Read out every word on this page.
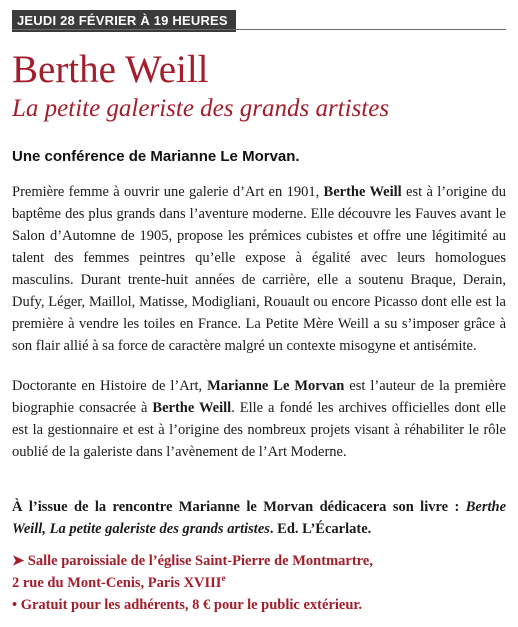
JEUDI 28 FÉVRIER À 19 HEURES
Berthe Weill
La petite galeriste des grands artistes
Une conférence de Marianne Le Morvan.
Première femme à ouvrir une galerie d’Art en 1901, Berthe Weill est à l’origine du baptême des plus grands dans l’aventure moderne. Elle découvre les Fauves avant le Salon d’Automne de 1905, propose les prémices cubistes et offre une légitimité au talent des femmes peintres qu’elle expose à égalité avec leurs homologues masculins. Durant trente-huit années de carrière, elle a soutenu Braque, Derain, Dufy, Léger, Maillol, Matisse, Modigliani, Rouault ou encore Picasso dont elle est la première à vendre les toiles en France. La Petite Mère Weill a su s’imposer grâce à son flair allié à sa force de caractère malgré un contexte misogyne et antisémite.
Doctorante en Histoire de l’Art, Marianne Le Morvan est l’auteur de la première biographie consacrée à Berthe Weill. Elle a fondé les archives officielles dont elle est la gestionnaire et est à l’origine des nombreux projets visant à réhabiliter le rôle oublié de la galeriste dans l’avènement de l’Art Moderne.
À l’issue de la rencontre Marianne le Morvan dédicacera son livre : Berthe Weill, La petite galeriste des grands artistes. Ed. L’Écarlate.
➤ Salle paroissiale de l’église Saint-Pierre de Montmartre,
2 rue du Mont-Cenis, Paris XVIIIe
• Gratuit pour les adhérents, 8 € pour le public extérieur.
